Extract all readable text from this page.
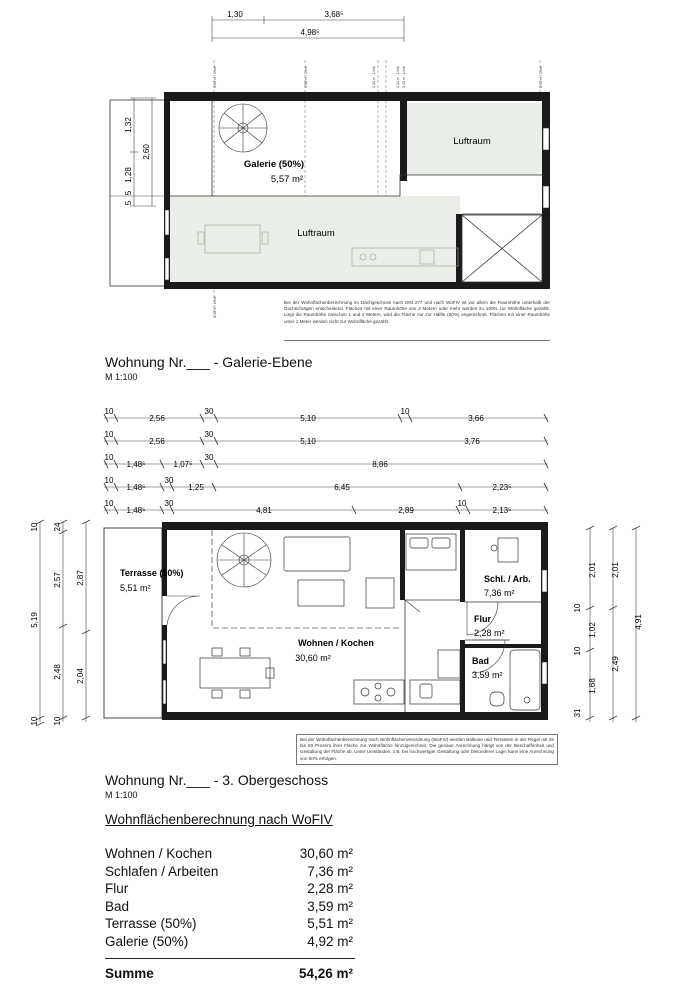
1,30	3,68⁵
4,98⁵
1,63 m - Linie	1,50 m - Linie	1,34 m - Linie	1,14 m - Linie 3,43 m - Linie	2,91 m - Linie
4,15 m - Linie
1,32
1,28
5
5
2,60
Galerie (50%)
5,57 m²
Luftraum
Luftraum
10
2,56
30
5,10
10
3,66
10
2,56
30
5,10	3,76
10
1,48⁵	1,07⁵
30
8,86
10
1,48⁵
30
1,25	6,45	2,23⁵
10
1,48⁵
30
4,81	2,89
10
2,13⁵
10 24
2,57 2,87
5,19
2,48 2,04
10 10
2,01
10
1,02
10
1,68
31
2,01
2,49
4,91
Terrasse (50%)
5,51 m²
Wohnen / Kochen
30,60 m²
Schl. / Arb.
7,36 m²
Flur
2,28 m²
Bad
3,59 m²
Bei der Wohnflächenberechnung im Dachgeschoss nach DIN 277 und nach WoFIV ist vor allem die Raumhöhe unterhalb der Dachschrägen entscheidend. Flächen mit einer Raumhöhe von 2 Metern oder mehr werden zu 100% zur Wohnfläche gezählt. Liegt die Raumhöhe zwischen 1 und 2 Metern, wird die Fläche nur zur Hälfte (50%) angerechnet. Flächen mit einer Raumhöhe unter 1 Meter werden nicht zur Wohnfläche gezählt.
Wohnung Nr.___ - Galerie-Ebene
M 1:100
Bei der Wohnflächenberechnung nach Wohnflächenverordnung (WoFIV) werden Balkone und Terrassen in der Regel mit 25 bis 50 Prozent ihrer Fläche zur Wohnfläche hinzugerechnet. Die genaue Anrechnung hängt von der Beschaffenheit und Gestaltung der Fläche ab. Unter Umständen, z.B. bei hochwertiger Gestaltung oder besonderer Lage, kann eine Anrechnung von 50% erfolgen.
Wohnung Nr.___ - 3. Obergeschoss
M 1:100
Wohnflächenberechnung nach WoFIV
Wohnen / Kochen	30,60 m²
Schlafen / Arbeiten	7,36 m²
Flur	2,28 m²
Bad	3,59 m²
Terrasse (50%)	5,51 m²
Galerie (50%)	4,92 m²
Summe	54,26 m²
